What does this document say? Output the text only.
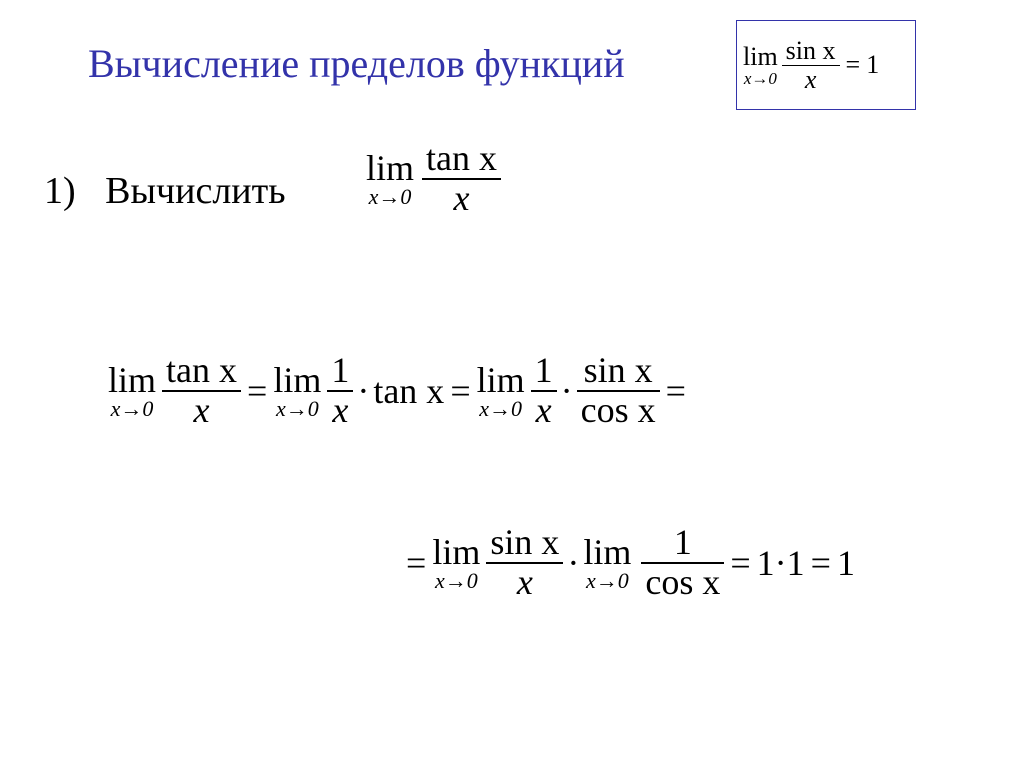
Вычисление пределов функций	lim
$x\to 0 \frac{\text{sin x}}{x} = 1$
1) Вычислить
lim
$x\to 0 \frac{\text{tan x}}{x}$
lim
$x\to 0 \frac{\text{tan x}}{x} = \lim$
$x\to 0 \frac{1}{x} \cdot \tan x = \lim$
$x\to 0 \frac{1}{x} \cdot \frac{\text{sin x}}{\text{cos x}}$ =
= lim
$x\to 0 \frac{\text{sin x}}{x} \cdot \lim$
$x\to 0 \frac{1}{\text{cos x}} = 1\cdot 1 = 1$
